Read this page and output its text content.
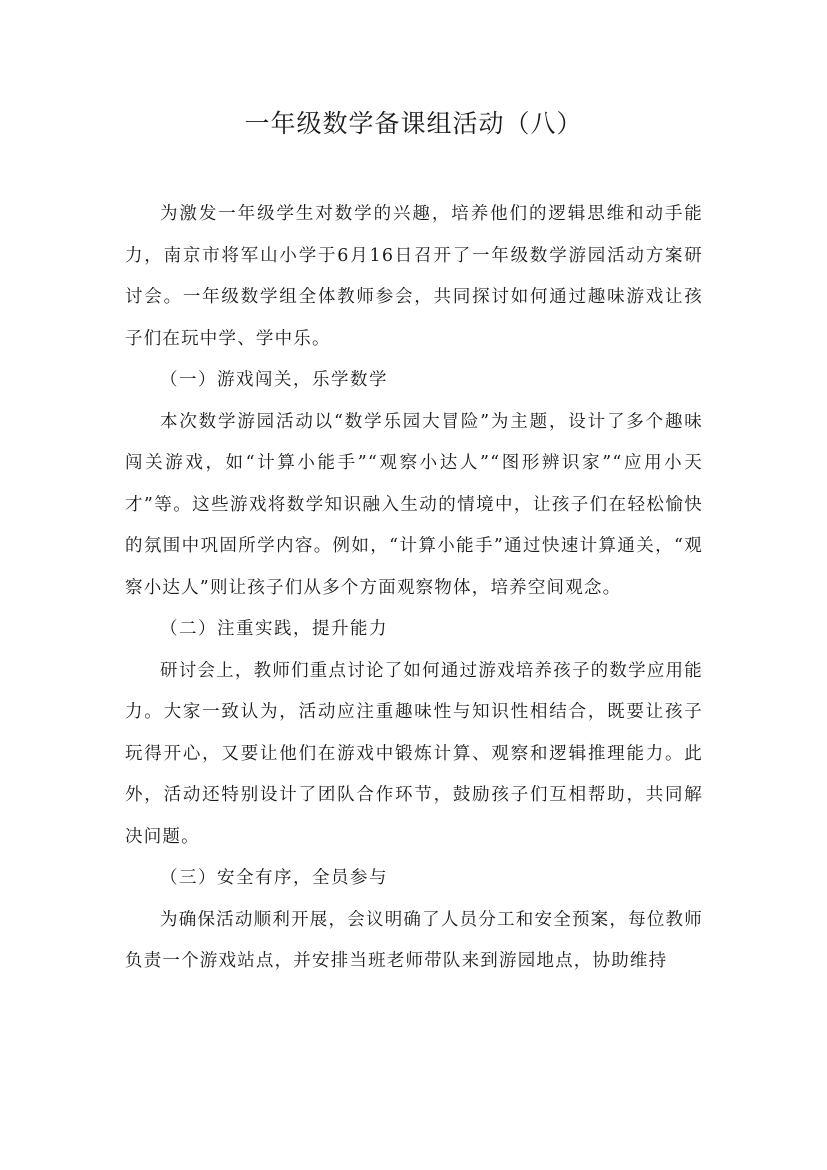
一年级数学备课组活动（八）

为激发一年级学生对数学的兴趣，培养他们的逻辑思维和动手能力，南京市将军山小学于6月16日召开了一年级数学游园活动方案研讨会。一年级数学组全体教师参会，共同探讨如何通过趣味游戏让孩子们在玩中学、学中乐。

（一）游戏闯关，乐学数学

本次数学游园活动以“数学乐园大冒险”为主题，设计了多个趣味闯关游戏，如“计算小能手”“观察小达人”“图形辨识家”“应用小天才”等。这些游戏将数学知识融入生动的情境中，让孩子们在轻松愉快的氛围中巩固所学内容。例如，“计算小能手”通过快速计算通关，“观察小达人”则让孩子们从多个方面观察物体，培养空间观念。

（二）注重实践，提升能力

研讨会上，教师们重点讨论了如何通过游戏培养孩子的数学应用能力。大家一致认为，活动应注重趣味性与知识性相结合，既要让孩子玩得开心，又要让他们在游戏中锻炼计算、观察和逻辑推理能力。此外，活动还特别设计了团队合作环节，鼓励孩子们互相帮助，共同解决问题。

（三）安全有序，全员参与

为确保活动顺利开展，会议明确了人员分工和安全预案，每位教师负责一个游戏站点，并安排当班老师带队来到游园地点，协助维持
